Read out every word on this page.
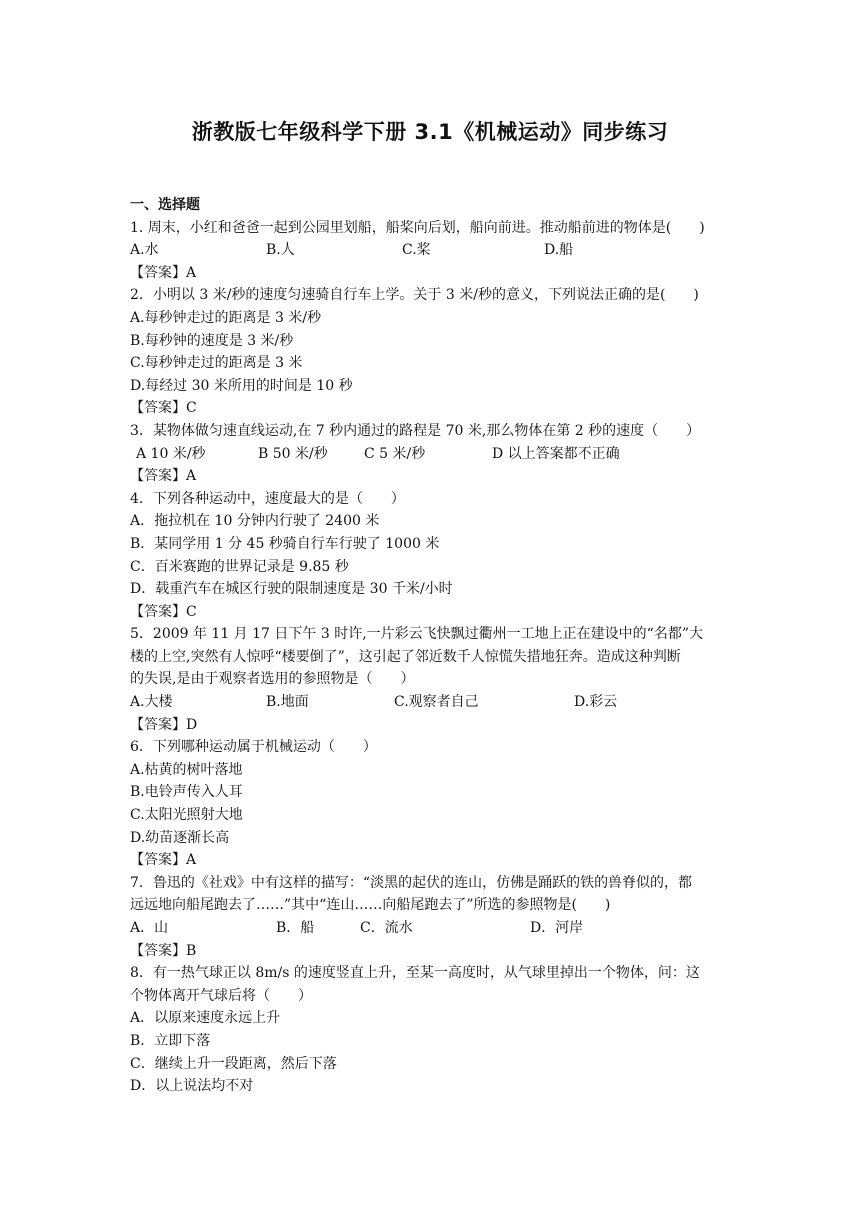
浙教版七年级科学下册 3.1《机械运动》同步练习
一、选择题
1. 周末，小红和爸爸一起到公园里划船，船桨向后划，船向前进。推动船前进的物体是(　　)
A.水	B.人	C.桨	D.船
【答案】A
2．小明以 3 米/秒的速度匀速骑自行车上学。关于 3 米/秒的意义，下列说法正确的是(　　)
A.每秒钟走过的距离是 3 米/秒
B.每秒钟的速度是 3 米/秒
C.每秒钟走过的距离是 3 米
D.每经过 30 米所用的时间是 10 秒
【答案】C
3．某物体做匀速直线运动,在 7 秒内通过的路程是 70 米,那么物体在第 2 秒的速度（　　）
A 10 米/秒	B 50 米/秒	C 5 米/秒	D 以上答案都不正确
【答案】A
4．下列各种运动中，速度最大的是（　　）
A．拖拉机在 10 分钟内行驶了 2400 米
B．某同学用 1 分 45 秒骑自行车行驶了 1000 米
C．百米赛跑的世界记录是 9.85 秒
D．载重汽车在城区行驶的限制速度是 30 千米/小时
【答案】C
5．2009 年 11 月 17 日下午 3 时许,一片彩云飞快飘过衢州一工地上正在建设中的“名都”大
楼的上空,突然有人惊呼“楼要倒了”，这引起了邻近数千人惊慌失措地狂奔。造成这种判断
的失误,是由于观察者选用的参照物是（　　）
A.大楼	B.地面	C.观察者自己	D.彩云
【答案】D
6．下列哪种运动属于机械运动（　　）
A.枯黄的树叶落地
B.电铃声传入人耳
C.太阳光照射大地
D.幼苗逐渐长高
【答案】A
7．鲁迅的《社戏》中有这样的描写：“淡黑的起伏的连山，仿佛是踊跃的铁的兽脊似的，都
远远地向船尾跑去了……”其中“连山……向船尾跑去了”所选的参照物是(　　)
A．山	B．船	C．流水	D．河岸
【答案】B
8．有一热气球正以 8m/s 的速度竖直上升，至某一高度时，从气球里掉出一个物体，问：这
个物体离开气球后将（　　）
A．以原来速度永远上升
B．立即下落
C．继续上升一段距离，然后下落
D．以上说法均不对
